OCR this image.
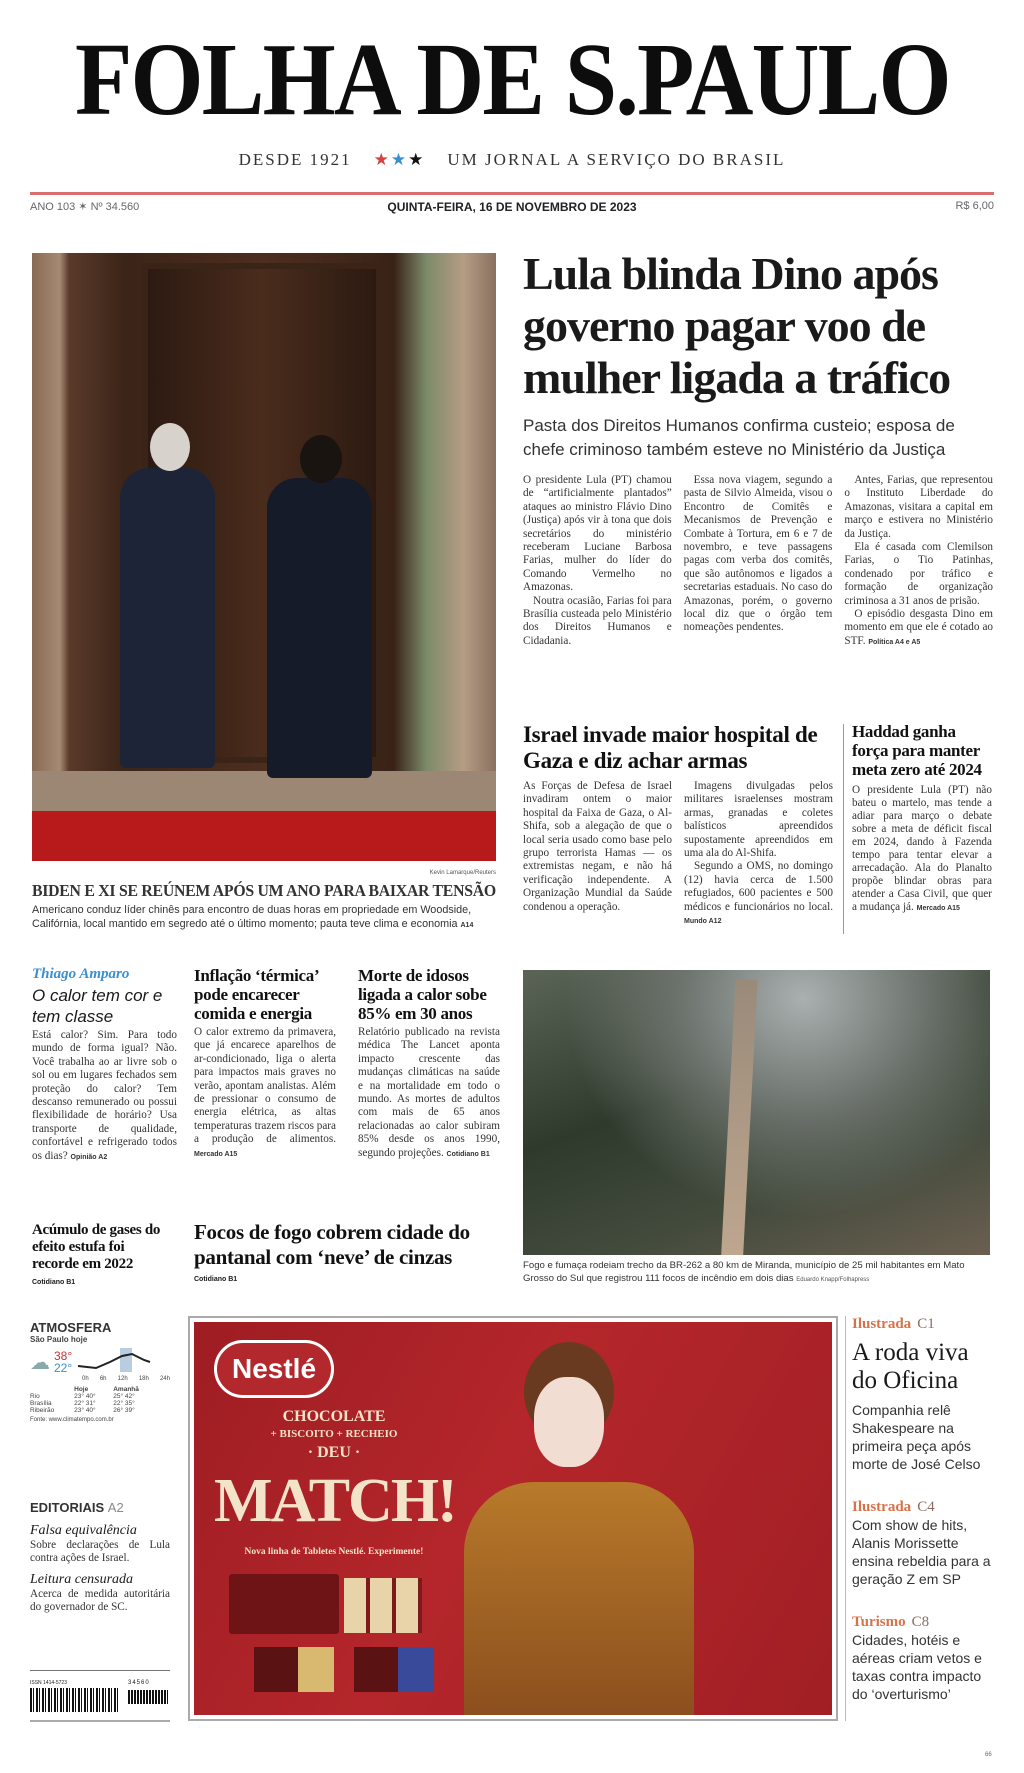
FOLHA DE S.PAULO
DESDE 1921 ★★★ UM JORNAL A SERVIÇO DO BRASIL
ANO 103 ✶ Nº 34.560	QUINTA-FEIRA, 16 DE NOVEMBRO DE 2023	R$ 6,00
Kevin Lamarque/Reuters
BIDEN E XI SE REÚNEM APÓS UM ANO PARA BAIXAR TENSÃO
Americano conduz líder chinês para encontro de duas horas em propriedade em Woodside, Califórnia, local mantido em segredo até o último momento; pauta teve clima e economia A14
Lula blinda Dino após governo pagar voo de mulher ligada a tráfico
Pasta dos Direitos Humanos confirma custeio; esposa de chefe criminoso também esteve no Ministério da Justiça

O presidente Lula (PT) chamou de “artificialmente plantados” ataques ao ministro Flávio Dino (Justiça) após vir à tona que dois secretários do ministério receberam Luciane Barbosa Farias, mulher do líder do Comando Vermelho no Amazonas.

Noutra ocasião, Farias foi para Brasília custeada pelo Ministério dos Direitos Humanos e Cidadania.

Essa nova viagem, segundo a pasta de Silvio Almeida, visou o Encontro de Comitês e Mecanismos de Prevenção e Combate à Tortura, em 6 e 7 de novembro, e teve passagens pagas com verba dos comitês, que são autônomos e ligados a secretarias estaduais. No caso do Amazonas, porém, o governo local diz que o órgão tem nomeações pendentes.

Antes, Farias, que representou o Instituto Liberdade do Amazonas, visitara a capital em março e estivera no Ministério da Justiça.

Ela é casada com Clemilson Farias, o Tio Patinhas, condenado por tráfico e formação de organização criminosa a 31 anos de prisão.

O episódio desgasta Dino em momento em que ele é cotado ao STF. Política A4 e A5

Israel invade maior hospital de Gaza e diz achar armas

As Forças de Defesa de Israel invadiram ontem o maior hospital da Faixa de Gaza, o Al-Shifa, sob a alegação de que o local seria usado como base pelo grupo terrorista Hamas — os extremistas negam, e não há verificação independente. A Organização Mundial da Saúde condenou a operação.

Imagens divulgadas pelos militares israelenses mostram armas, granadas e coletes balísticos apreendidos supostamente apreendidos em uma ala do Al-Shifa.

Segundo a OMS, no domingo (12) havia cerca de 1.500 refugiados, 600 pacientes e 500 médicos e funcionários no local. Mundo A12

Haddad ganha força para manter meta zero até 2024
O presidente Lula (PT) não bateu o martelo, mas tende a adiar para março o debate sobre a meta de déficit fiscal em 2024, dando à Fazenda tempo para tentar elevar a arrecadação. Ala do Planalto propõe blindar obras para atender a Casa Civil, que quer a mudança já. Mercado A15
Thiago Amparo
O calor tem cor e tem classe
Está calor? Sim. Para todo mundo de forma igual? Não. Você trabalha ao ar livre sob o sol ou em lugares fechados sem proteção do calor? Tem descanso remunerado ou possui flexibilidade de horário? Usa transporte de qualidade, confortável e refrigerado todos os dias? Opinião A2
Inflação ‘térmica’ pode encarecer comida e energia
O calor extremo da primavera, que já encarece aparelhos de ar-condicionado, liga o alerta para impactos mais graves no verão, apontam analistas. Além de pressionar o consumo de energia elétrica, as altas temperaturas trazem riscos para a produção de alimentos. Mercado A15
Morte de idosos ligada a calor sobe 85% em 30 anos
Relatório publicado na revista médica The Lancet aponta impacto crescente das mudanças climáticas na saúde e na mortalidade em todo o mundo. As mortes de adultos com mais de 65 anos relacionadas ao calor subiram 85% desde os anos 1990, segundo projeções. Cotidiano B1
Acúmulo de gases do efeito estufa foi recorde em 2022
Cotidiano B1
Focos de fogo cobrem cidade do pantanal com ‘neve’ de cinzas
Cotidiano B1
Fogo e fumaça rodeiam trecho da BR-262 a 80 km de Miranda, município de 25 mil habitantes em Mato Grosso do Sul que registrou 111 focos de incêndio em dois dias Eduardo Knapp/Folhapress
ATMOSFERA
São Paulo hoje
☁ 38°
22°
0h 6h 12h 18h 24h
	Hoje	Amanhã
Rio	23° 40°	25° 42°
Brasília	22° 31°	22° 35°
Ribeirão	23° 40°	26° 39°
Fonte: www.climatempo.com.br
EDITORIAIS A2
Falsa equivalência
Sobre declarações de Lula contra ações de Israel.
Leitura censurada
Acerca de medida autoritária do governador de SC.
ISSN 1414-5723	34560
Nestlé
CHOCOLATE
+ BISCOITO + RECHEIO
· DEU ·
MATCH!
Nova linha de Tabletes Nestlé. Experimente!
Ilustrada C1
A roda viva do Oficina
Companhia relê Shakespeare na primeira peça após morte de José Celso
Ilustrada C4
Com show de hits, Alanis Morissette ensina rebeldia para a geração Z em SP
Turismo C8
Cidades, hotéis e aéreas criam vetos e taxas contra impacto do ‘overturismo’
66
